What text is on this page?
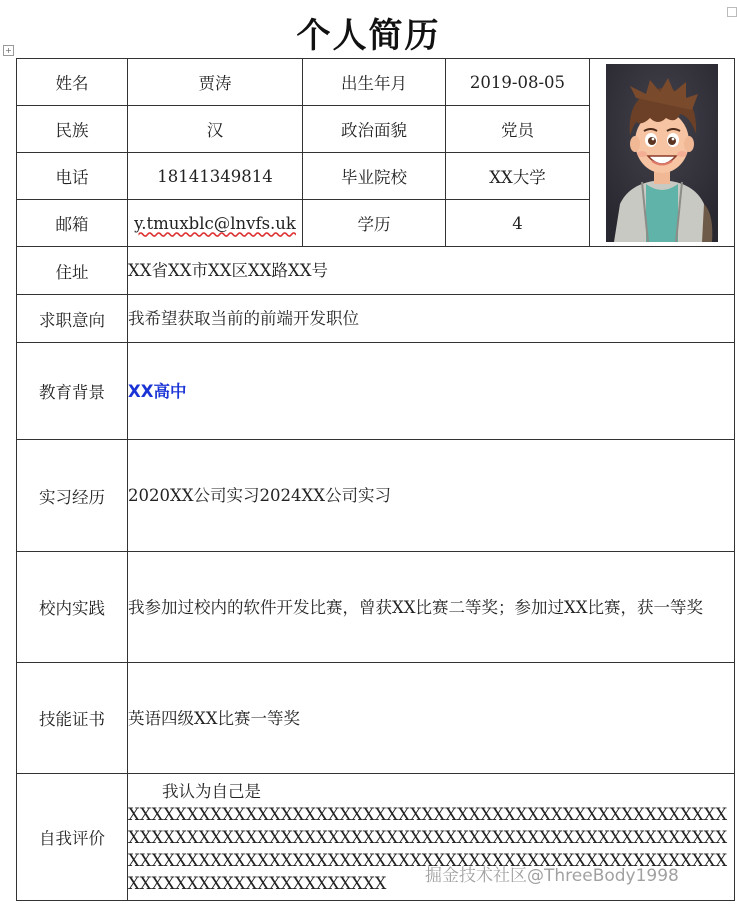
个人简历
+
姓名	贾涛	出生年月	2019-08-05	

民族	汉	政治面貌	党员	
电话	18141349814	毕业院校	XX大学	
邮箱	y.tmuxblc@lnvfs.uk	学历	4	
住址	XX省XX市XX区XX路XX号			
求职意向	我希望获取当前的前端开发职位			
教育背景	XX高中			
实习经历	2020XX公司实习2024XX公司实习			
校内实践	我参加过校内的软件开发比赛，曾获XX比赛二等奖；参加过XX比赛，获一等奖			
技能证书	英语四级XX比赛一等奖			
自我评价	我认为自己是
XXXXXXXXXXXXXXXXXXXXXXXXXXXXXXXXXXXXXXXXXXXXXXXXXXXXXXXXXXXXXXXXXXXXXXXXXXXXXXXXXXXXXXXXXXXXXXXXXXXXXXXXXXXXXXXXXXXXXXXXXXXXXXXXXXXXXXXXXXXXXXXXXXXXXXXXXXXXXXXXXXXXXXXXXXXXXXX			掘金技术社区@ThreeBody1998
